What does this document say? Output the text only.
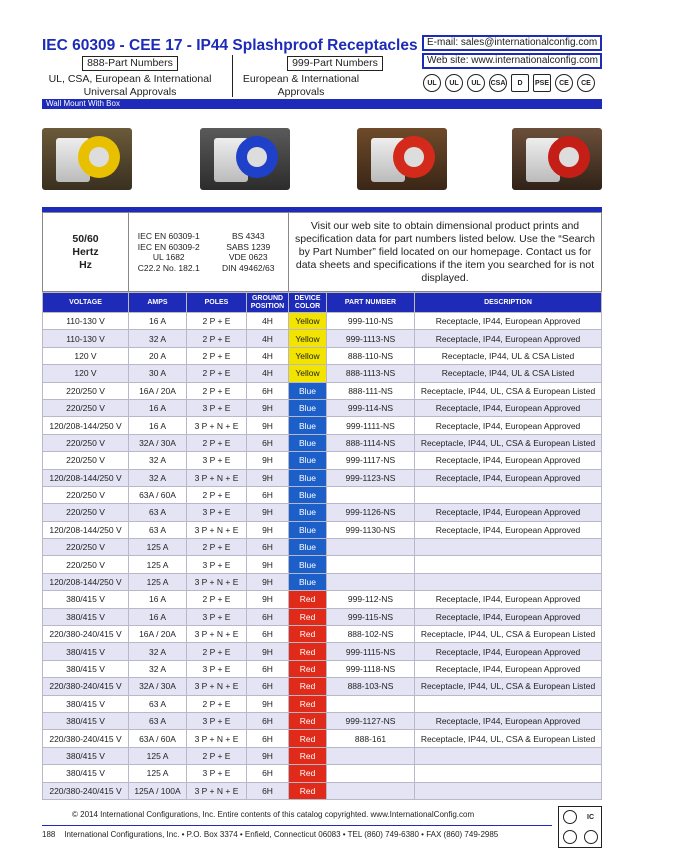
IEC 60309 - CEE 17 - IP44 Splashproof Receptacles E-mail: sales@internationalconfig.com
Web site: www.internationalconfig.com
888-Part Numbers
UL, CSA, European & International Universal Approvals
999-Part Numbers
European & International Approvals
UL	UL	UL	CSA	D	PSE	CE	CE
Wall Mount With Box
50/60
Hertz
Hz
IEC EN 60309-1
IEC EN 60309-2
UL 1682
C22.2 No. 182.1
BS 4343
SABS 1239
VDE 0623
DIN 49462/63
Visit our web site to obtain dimensional product prints and specification data for part numbers listed below. Use the “Search by Part Number” field located on our homepage. Contact us for data sheets and specifications if the item you searched for is not displayed.
VOLTAGE	AMPS	POLES	GROUND POSITION	DEVICE COLOR	PART NUMBER	DESCRIPTION
110-130 V	16 A	2 P + E	4H	Yellow	999-110-NS	Receptacle, IP44, European Approved
110-130 V	32 A	2 P + E	4H	Yellow	999-1113-NS	Receptacle, IP44, European Approved
120 V	20 A	2 P + E	4H	Yellow	888-110-NS	Receptacle, IP44, UL & CSA Listed
120 V	30 A	2 P + E	4H	Yellow	888-1113-NS	Receptacle, IP44, UL & CSA Listed
220/250 V	16A / 20A	2 P + E	6H	Blue	888-111-NS	Receptacle, IP44, UL, CSA & European Listed
220/250 V	16 A	3 P + E	9H	Blue	999-114-NS	Receptacle, IP44, European Approved
120/208-144/250 V	16 A	3 P + N + E	9H	Blue	999-1111-NS	Receptacle, IP44, European Approved
220/250 V	32A / 30A	2 P + E	6H	Blue	888-1114-NS	Receptacle, IP44, UL, CSA & European Listed
220/250 V	32 A	3 P + E	9H	Blue	999-1117-NS	Receptacle, IP44, European Approved
120/208-144/250 V	32 A	3 P + N + E	9H	Blue	999-1123-NS	Receptacle, IP44, European Approved
220/250 V	63A / 60A	2 P + E	6H	Blue		
220/250 V	63 A	3 P + E	9H	Blue	999-1126-NS	Receptacle, IP44, European Approved
120/208-144/250 V	63 A	3 P + N + E	9H	Blue	999-1130-NS	Receptacle, IP44, European Approved
220/250 V	125 A	2 P + E	6H	Blue		
220/250 V	125 A	3 P + E	9H	Blue		
120/208-144/250 V	125 A	3 P + N + E	9H	Blue		
380/415 V	16 A	2 P + E	9H	Red	999-112-NS	Receptacle, IP44, European Approved
380/415 V	16 A	3 P + E	6H	Red	999-115-NS	Receptacle, IP44, European Approved
220/380-240/415 V	16A / 20A	3 P + N + E	6H	Red	888-102-NS	Receptacle, IP44, UL, CSA & European Listed
380/415 V	32 A	2 P + E	9H	Red	999-1115-NS	Receptacle, IP44, European Approved
380/415 V	32 A	3 P + E	6H	Red	999-1118-NS	Receptacle, IP44, European Approved
220/380-240/415 V	32A / 30A	3 P + N + E	6H	Red	888-103-NS	Receptacle, IP44, UL, CSA & European Listed
380/415 V	63 A	2 P + E	9H	Red		
380/415 V	63 A	3 P + E	6H	Red	999-1127-NS	Receptacle, IP44, European Approved
220/380-240/415 V	63A / 60A	3 P + N + E	6H	Red	888-161	Receptacle, IP44, UL, CSA & European Listed
380/415 V	125 A	2 P + E	9H	Red		
380/415 V	125 A	3 P + E	6H	Red		
220/380-240/415 V	125A / 100A	3 P + N + E	6H	Red		
© 2014 International Configurations, Inc. Entire contents of this catalog copyrighted. www.InternationalConfig.com
188 International Configurations, Inc. • P.O. Box 3374 • Enfield, Connecticut 06083 • TEL (860) 749-6380 • FAX (860) 749-2985
IC
